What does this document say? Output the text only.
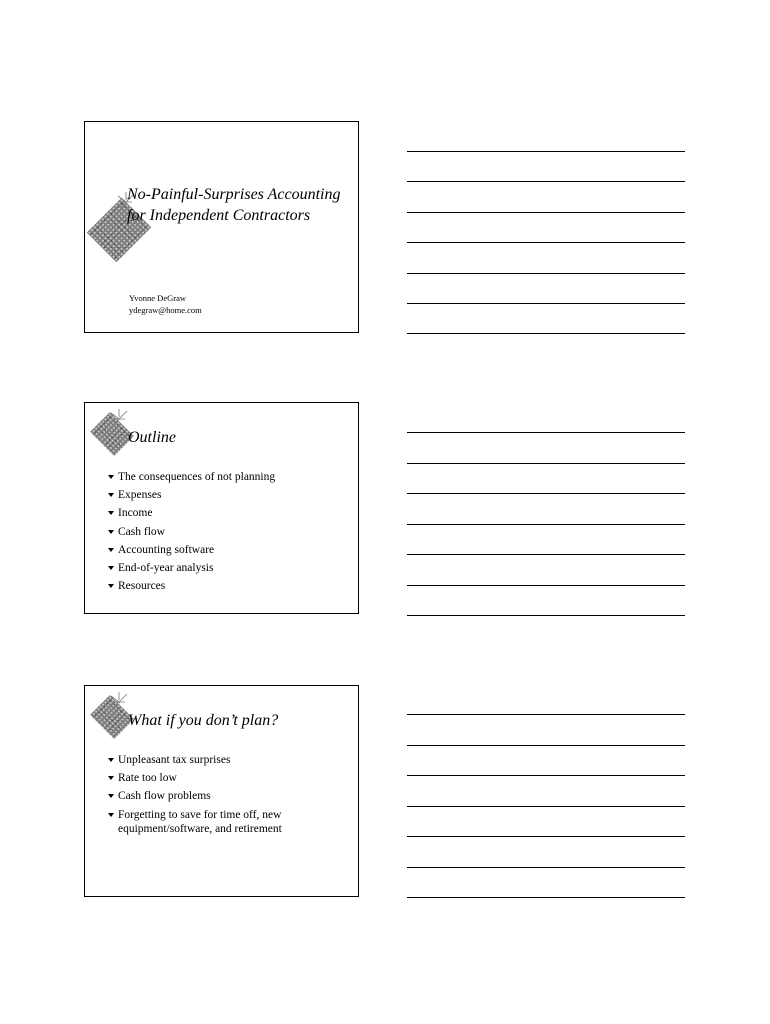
No-Painful-Surprises Accounting
for Independent Contractors
Yvonne DeGraw
ydegraw@home.com
Outline
The consequences of not planning
Expenses
Income
Cash flow
Accounting software
End-of-year analysis
Resources
What if you don’t plan?
Unpleasant tax surprises
Rate too low
Cash flow problems
Forgetting to save for time off, new equipment/software, and retirement
